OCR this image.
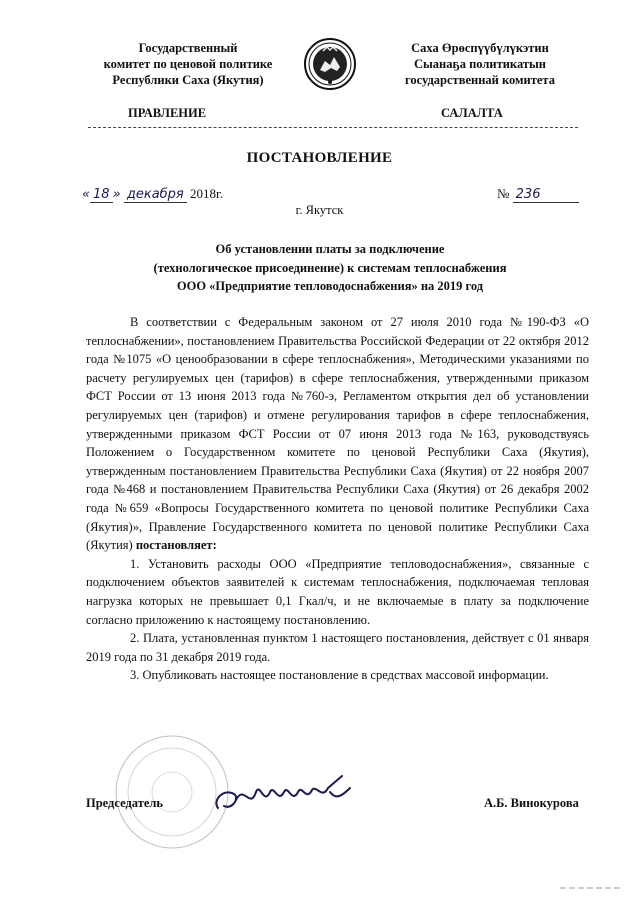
Государственный
комитет по ценовой политике
Республики Саха (Якутия)
Саха Өрөспүүбүлүкэтин
Сыанаҕа политикатын
государственнай комитета
ПРАВЛЕНИЕ	САЛАЛТА
ПОСТАНОВЛЕНИЕ
« 18 » декабря 2018г.	№ 236
г. Якутск
Об установлении платы за подключение
(технологическое присоединение) к системам теплоснабжения
ООО «Предприятие тепловодоснабжения» на 2019 год

В соответствии с Федеральным законом от 27 июля 2010 года №190-ФЗ «О теплоснабжении», постановлением Правительства Российской Федерации от 22 октября 2012 года №1075 «О ценообразовании в сфере теплоснабжения», Методическими указаниями по расчету регулируемых цен (тарифов) в сфере теплоснабжения, утвержденными приказом ФСТ России от 13 июня 2013 года №760-э, Регламентом открытия дел об установлении регулируемых цен (тарифов) и отмене регулирования тарифов в сфере теплоснабжения, утвержденными приказом ФСТ России от 07 июня 2013 года №163, руководствуясь Положением о Государственном комитете по ценовой Республики Саха (Якутия), утвержденным постановлением Правительства Республики Саха (Якутия) от 22 ноября 2007 года №468 и постановлением Правительства Республики Саха (Якутия) от 26 декабря 2002 года №659 «Вопросы Государственного комитета по ценовой политике Республики Саха (Якутия)», Правление Государственного комитета по ценовой политике Республики Саха (Якутия) постановляет:

1. Установить расходы ООО «Предприятие тепловодоснабжения», связанные с подключением объектов заявителей к системам теплоснабжения, подключаемая тепловая нагрузка которых не превышает 0,1 Гкал/ч, и не включаемые в плату за подключение согласно приложению к настоящему постановлению.

2. Плата, установленная пунктом 1 настоящего постановления, действует с 01 января 2019 года по 31 декабря 2019 года.

3. Опубликовать настоящее постановление в средствах массовой информации.

Председатель	А.Б. Винокурова
